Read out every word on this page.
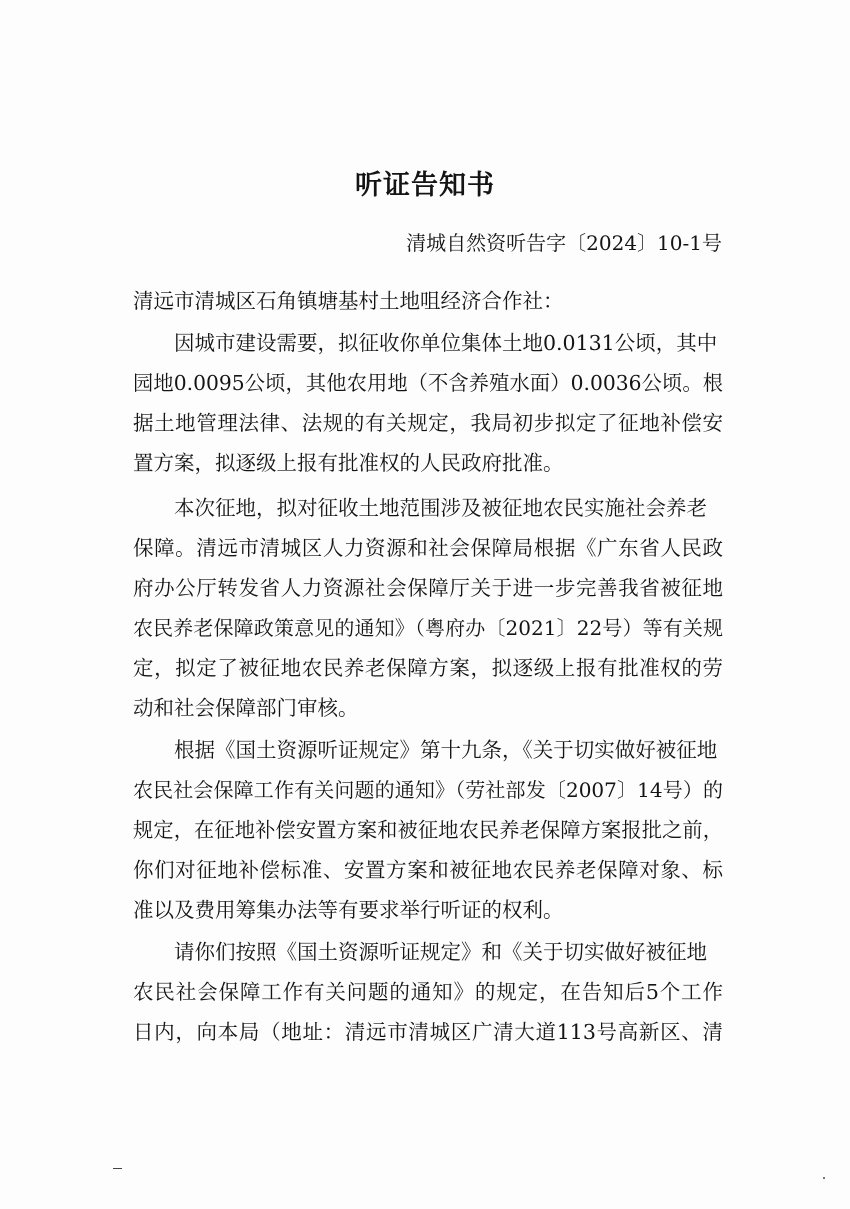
听证告知书
清城自然资听告字〔2024〕10-1号
清远市清城区石角镇塘基村土地咀经济合作社：
因城市建设需要，拟征收你单位集体土地0.0131公顷，其中
园地0.0095公顷，其他农用地（不含养殖水面）0.0036公顷。根
据土地管理法律、法规的有关规定，我局初步拟定了征地补偿安
置方案，拟逐级上报有批准权的人民政府批准。
本次征地，拟对征收土地范围涉及被征地农民实施社会养老
保障。清远市清城区人力资源和社会保障局根据《广东省人民政
府办公厅转发省人力资源社会保障厅关于进一步完善我省被征地
农民养老保障政策意见的通知》（粤府办〔2021〕22号）等有关规
定，拟定了被征地农民养老保障方案，拟逐级上报有批准权的劳
动和社会保障部门审核。
根据《国土资源听证规定》第十九条，《关于切实做好被征地
农民社会保障工作有关问题的通知》（劳社部发〔2007〕14号）的
规定，在征地补偿安置方案和被征地农民养老保障方案报批之前，
你们对征地补偿标准、安置方案和被征地农民养老保障对象、标
准以及费用筹集办法等有要求举行听证的权利。
请你们按照《国土资源听证规定》和《关于切实做好被征地
农民社会保障工作有关问题的通知》的规定，在告知后5个工作
日内，向本局（地址：清远市清城区广清大道113号高新区、清
